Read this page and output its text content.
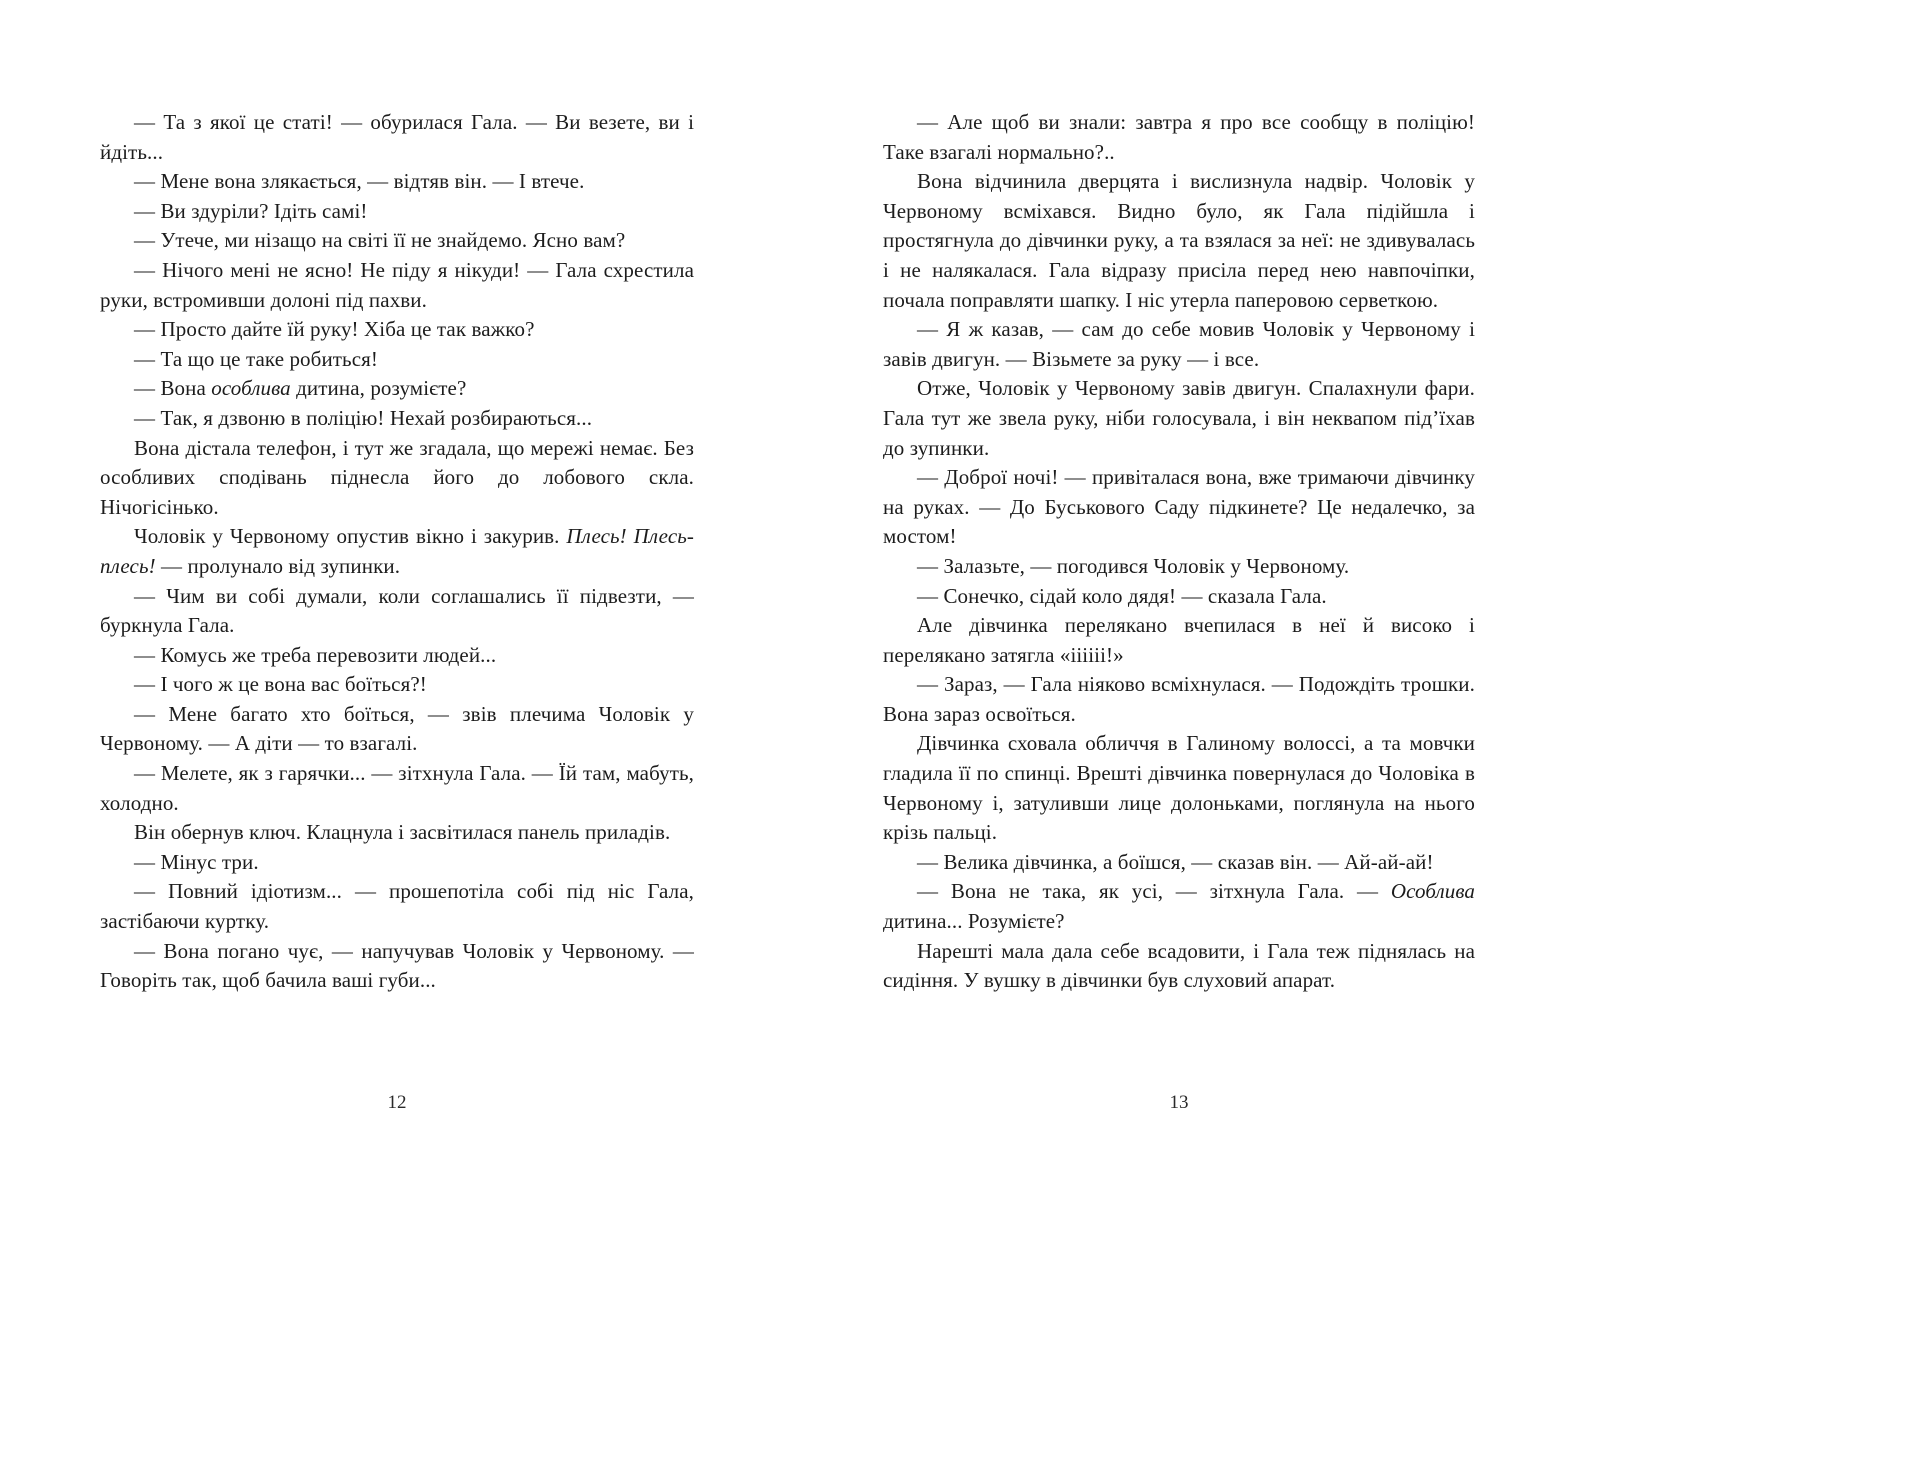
— Та з якої це статі! — обурилася Гала. — Ви везете, ви і йдіть...

— Мене вона злякається, — відтяв він. — І втече.

— Ви здуріли? Ідіть самі!

— Утече, ми нізащо на світі її не знайдемо. Ясно вам?

— Нічого мені не ясно! Не піду я нікуди! — Гала схрестила руки, встромивши долоні під пахви.

— Просто дайте їй руку! Хіба це так важко?

— Та що це таке робиться!

— Вона особлива дитина, розумієте?

— Так, я дзвоню в поліцію! Нехай розбираються...

Вона дістала телефон, і тут же згадала, що мережі немає. Без особливих сподівань піднесла його до лобового скла. Нічогісінько.

Чоловік у Червоному опустив вікно і закурив. Плесь! Плесь-плесь! — пролунало від зупинки.

— Чим ви собі думали, коли соглашались її підвезти, — буркнула Гала.

— Комусь же треба перевозити людей...

— І чого ж це вона вас боїться?!

— Мене багато хто боїться, — звів плечима Чоловік у Червоному. — А діти — то взагалі.

— Мелете, як з гарячки... — зітхнула Гала. — Їй там, мабуть, холодно.

Він обернув ключ. Клацнула і засвітилася панель приладів.

— Мінус три.

— Повний ідіотизм... — прошепотіла собі під ніс Гала, застібаючи куртку.

— Вона погано чує, — напучував Чоловік у Червоному. — Говоріть так, щоб бачила ваші губи...

12

— Але щоб ви знали: завтра я про все сообщу в поліцію! Таке взагалі нормально?..

Вона відчинила дверцята і вислизнула надвір. Чоловік у Червоному всміхався. Видно було, як Гала підійшла і простягнула до дівчинки руку, а та взялася за неї: не здивувалась і не налякалася. Гала відразу присіла перед нею навпочіпки, почала поправляти шапку. І ніс утерла паперовою серветкою.

— Я ж казав, — сам до себе мовив Чоловік у Червоному і завів двигун. — Візьмете за руку — і все.

Отже, Чоловік у Червоному завів двигун. Спалахнули фари. Гала тут же звела руку, ніби голосувала, і він неквапом під’їхав до зупинки.

— Доброї ночі! — привіталася вона, вже тримаючи дівчинку на руках. — До Буськового Саду підкинете? Це недалечко, за мостом!

— Залазьте, — погодився Чоловік у Червоному.

— Сонечко, сідай коло дядя! — сказала Гала.

Але дівчинка перелякано вчепилася в неї й високо і перелякано затягла «іііііі!»

— Зараз, — Гала ніяково всміхнулася. — Подождіть трошки. Вона зараз освоїться.

Дівчинка сховала обличчя в Галиному волоссі, а та мовчки гладила її по спинці. Врешті дівчинка повернулася до Чоловіка в Червоному і, затуливши лице долоньками, поглянула на нього крізь пальці.

— Велика дівчинка, а боїшся, — сказав він. — Ай-ай-ай!

— Вона не така, як усі, — зітхнула Гала. — Особлива дитина... Розумієте?

Нарешті мала дала себе всадовити, і Гала теж піднялась на сидіння. У вушку в дівчинки був слуховий апарат.

13
